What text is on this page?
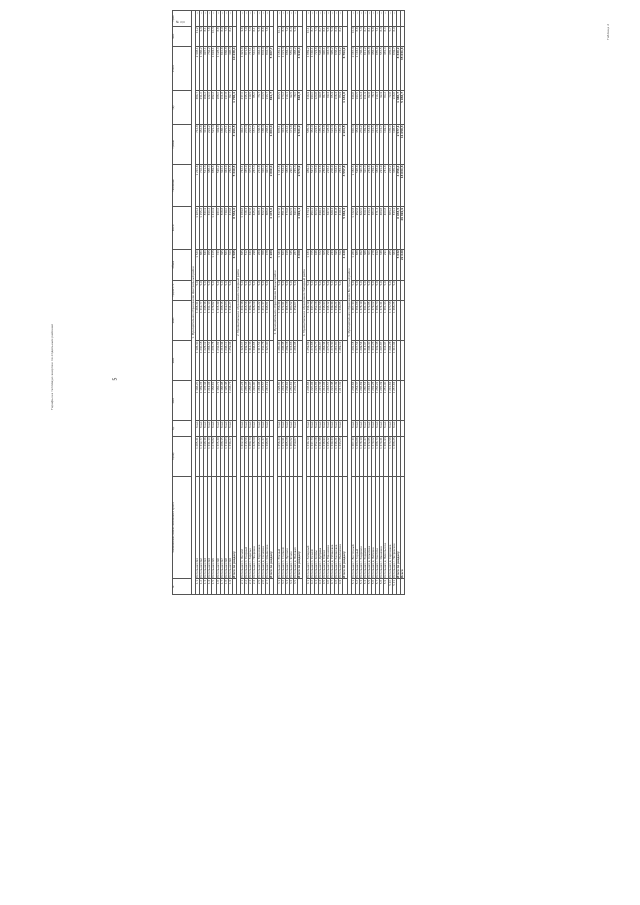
№ п/п
Таблица 2
5
Тарифы на тепловую энергию по отдельным районам
№	Наименование района, населенного пункта	Тариф	Ед.	2023	2024	2025	Прирост, %	Объем	Всего	Население	Прочие	НДС	Итого	Ком.	Прим.
1. Муниципальное образование Центральный район															
1.1	Котельная №1	1 265,41	Гкал	1 146,20	1 195,30	1 265,41	5,9	1 520	1 923,4	1 210,6	712,8	384,7	2 308,1	11,2	—
1.2	Котельная №2	1 312,77	Гкал	1 189,05	1 240,18	1 312,77	5,9	880	1 155,2	702,4	452,8	231,0	1 386,2	9,4	—
1.3	Котельная №3	1 298,36	Гкал	1 176,44	1 226,02	1 298,36	5,9	640	830,9	511,3	319,6	166,2	997,1	8,1	—
1.4	Котельная №4	1 341,10	Гкал	1 214,93	1 266,51	1 341,10	5,9	455	610,2	388,0	222,2	122,0	732,2	7,6	—
1.5	Котельная №5	1 276,82	Гкал	1 156,61	1 205,75	1 276,82	5,9	1 105	1 410,9	889,5	521,4	282,2	1 693,1	10,3	—
1.6	Котельная №6	1 305,49	Гкал	1 182,71	1 232,82	1 305,49	5,9	720	940,0	590,2	349,8	188,0	1 128,0	8,8	—
1.7	Котельная №7	1 288,15	Гкал	1 166,98	1 216,44	1 288,15	5,9	395	508,8	322,1	186,7	101,8	610,6	6,9	—
1.8	Котельная №8	1 319,63	Гкал	1 195,48	1 246,11	1 319,63	5,9	560	739,0	463,9	275,1	147,8	886,8	7,8	—
1.9	Котельная №9	1 334,27	Гкал	1 208,73	1 259,94	1 334,27	5,9	310	413,6	262,5	151,1	82,7	496,3	6,2	—
	Итого по разделу							6 585	8 532,0	5 340,5	3 191,5	1 706,4	10 238,4		
2. Муниципальное образование Северный район															
2.1	Котельная п. Лесной	1 402,18	Гкал	1 270,24	1 324,07	1 402,18	5,9	845	1 184,8	742,1	442,7	237,0	1 421,8	9,6	—
2.2	Котельная п. Озерный	1 418,56	Гкал	1 285,08	1 339,54	1 418,56	5,9	512	726,3	455,9	270,4	145,3	871,6	7,9	—
2.3	Котельная с. Заречье	1 389,74	Гкал	1 258,97	1 312,33	1 389,74	5,9	430	597,6	375,4	222,2	119,5	717,1	7,4	—
2.4	Котельная с. Покровка	1 426,09	Гкал	1 291,90	1 346,65	1 426,09	5,9	298	425,0	267,3	157,7	85,0	510,0	6,1	—
2.5	Котельная д. Березовка	1 395,22	Гкал	1 263,94	1 317,51	1 395,22	5,9	264	368,3	231,8	136,5	73,7	442,0	5,8	—
2.6	Котельная д. Сосновка	1 411,37	Гкал	1 278,57	1 332,76	1 411,37	5,9	356	502,4	316,0	186,4	100,5	602,9	6,6	—
2.7	Котельная с. Ильинское	1 398,81	Гкал	1 267,19	1 320,90	1 398,81	5,9	478	668,6	420,5	248,1	133,7	802,3	7,6	—
	Итого по разделу							3 183	4 473,0	2 809,0	1 664,0	894,7	5 367,7		
3. Муниципальное образование Южный район															
3.1	Котельная г. Южный	1 356,44	Гкал	1 228,80	1 280,90	1 356,44	5,9	1 340	1 817,6	1 141,5	676,1	363,5	2 181,1	10,7	—
3.2	Котельная п. Степной	1 372,91	Гкал	1 243,72	1 296,45	1 372,91	5,9	620	851,2	534,9	316,3	170,2	1 021,4	8,3	—
3.3	Котельная с. Луговое	1 365,08	Гкал	1 236,62	1 289,06	1 365,08	5,9	418	570,6	358,5	212,1	114,1	684,7	7,2	—
3.4	Котельная с. Ясное	1 380,52	Гкал	1 250,61	1 303,63	1 380,52	5,9	335	462,5	290,7	171,8	92,5	555,0	6,4	—
3.5	Котельная д. Полевая	1 359,67	Гкал	1 231,72	1 283,95	1 359,67	5,9	287	390,2	245,3	144,9	78,0	468,2	5,9	—
	Итого по разделу							3 000	4 092,1	2 570,9	1 521,2	818,3	4 910,4		
4. Муниципальное образование Западный район															
4.1	Котельная г. Западный	1 334,19	Гкал	1 208,66	1 259,89	1 334,19	5,9	1 180	1 574,3	989,0	585,3	314,9	1 889,2	10,1	—
4.2	Котельная п. Речной	1 347,73	Гкал	1 220,93	1 272,68	1 347,73	5,9	705	950,1	597,2	352,9	190,0	1 140,1	8,7	—
4.3	Котельная с. Холмы	1 352,06	Гкал	1 224,85	1 276,77	1 352,06	5,9	446	603,0	378,9	224,1	120,6	723,6	7,3	—
4.4	Котельная с. Дубрава	1 341,58	Гкал	1 215,36	1 266,87	1 341,58	5,9	372	499,1	313,6	185,5	99,8	598,9	6,7	—
4.5	Котельная д. Ключи	1 338,90	Гкал	1 212,93	1 264,34	1 338,90	5,9	305	408,4	256,6	151,8	81,7	490,1	6,1	—
4.6	Котельная д. Вишневка	1 345,12	Гкал	1 218,57	1 270,22	1 345,12	5,9	258	347,0	218,1	128,9	69,4	416,4	5,6	—
4.7	Котельная д. Рябиновка	1 349,44	Гкал	1 222,48	1 274,30	1 349,44	5,9	244	329,3	206,9	122,4	65,9	395,2	5,4	—
4.8	Котельная с. Калиновка	1 336,21	Гкал	1 210,49	1 261,80	1 336,21	5,9	398	531,8	334,1	197,7	106,4	638,2	6,9	—
4.9	Котельная с. Малиновка	1 343,85	Гкал	1 217,41	1 269,01	1 343,85	5,9	312	419,3	263,4	155,9	83,9	503,2	6,2	—
	Итого по разделу							4 220	5 662,3	3 557,8	2 104,5	1 132,6	6 794,9		
5. Муниципальное образование Восточный район															
5.1	Котельная г. Восточный	1 367,30	Гкал	1 238,64	1 291,15	1 367,30	5,9	1 260	1 722,8	1 082,5	640,3	344,6	2 067,4	10,4	—
5.2	Котельная п. Горный	1 384,66	Гкал	1 254,37	1 307,54	1 384,66	5,9	688	952,6	598,6	354,0	190,5	1 143,1	8,6	—
5.3	Котельная с. Кедровое	1 376,19	Гкал	1 246,69	1 299,54	1 376,19	5,9	452	622,0	390,8	231,2	124,4	746,4	7,4	—
5.4	Котельная с. Родники	1 391,47	Гкал	1 260,53	1 313,97	1 391,47	5,9	366	509,3	320,0	189,3	101,9	611,2	6,7	—
5.5	Котельная д. Ольховка	1 372,85	Гкал	1 243,67	1 296,40	1 372,85	5,9	301	413,2	259,6	153,6	82,6	495,8	6,1	—
5.6	Котельная д. Липовка	1 379,02	Гкал	1 249,26	1 302,23	1 379,02	5,9	276	380,6	239,1	141,5	76,1	456,7	5,8	—
5.7	Котельная с. Светлое	1 386,70	Гкал	1 256,22	1 309,48	1 386,70	5,9	412	571,3	358,9	212,4	114,3	685,6	7,1	—
5.8	Котельная с. Ивановка	1 374,41	Гкал	1 245,09	1 297,87	1 374,41	5,9	338	464,6	291,9	172,7	92,9	557,5	6,4	—
5.9	Котельная д. Никольское	1 381,93	Гкал	1 251,90	1 304,97	1 381,93	5,9	290	400,8	251,8	149,0	80,2	481,0	6,0	—
5.10	Котельная д. Сергеевка	1 370,58	Гкал	1 241,62	1 294,26	1 370,58	5,9	265	363,2	228,2	135,0	72,6	435,8	5,7	—
5.11	Котельная с. Петровское	1 388,25	Гкал	1 257,63	1 310,94	1 388,25	5,9	384	533,1	335,0	198,1	106,6	639,7	6,9	—
	Итого по разделу							5 032	6 933,5	4 356,4	2 577,1	1 386,7	8 320,2		
	Всего							22 020	29 692,9	18 634,6	11 058,3	5 938,7	35 631,6		
